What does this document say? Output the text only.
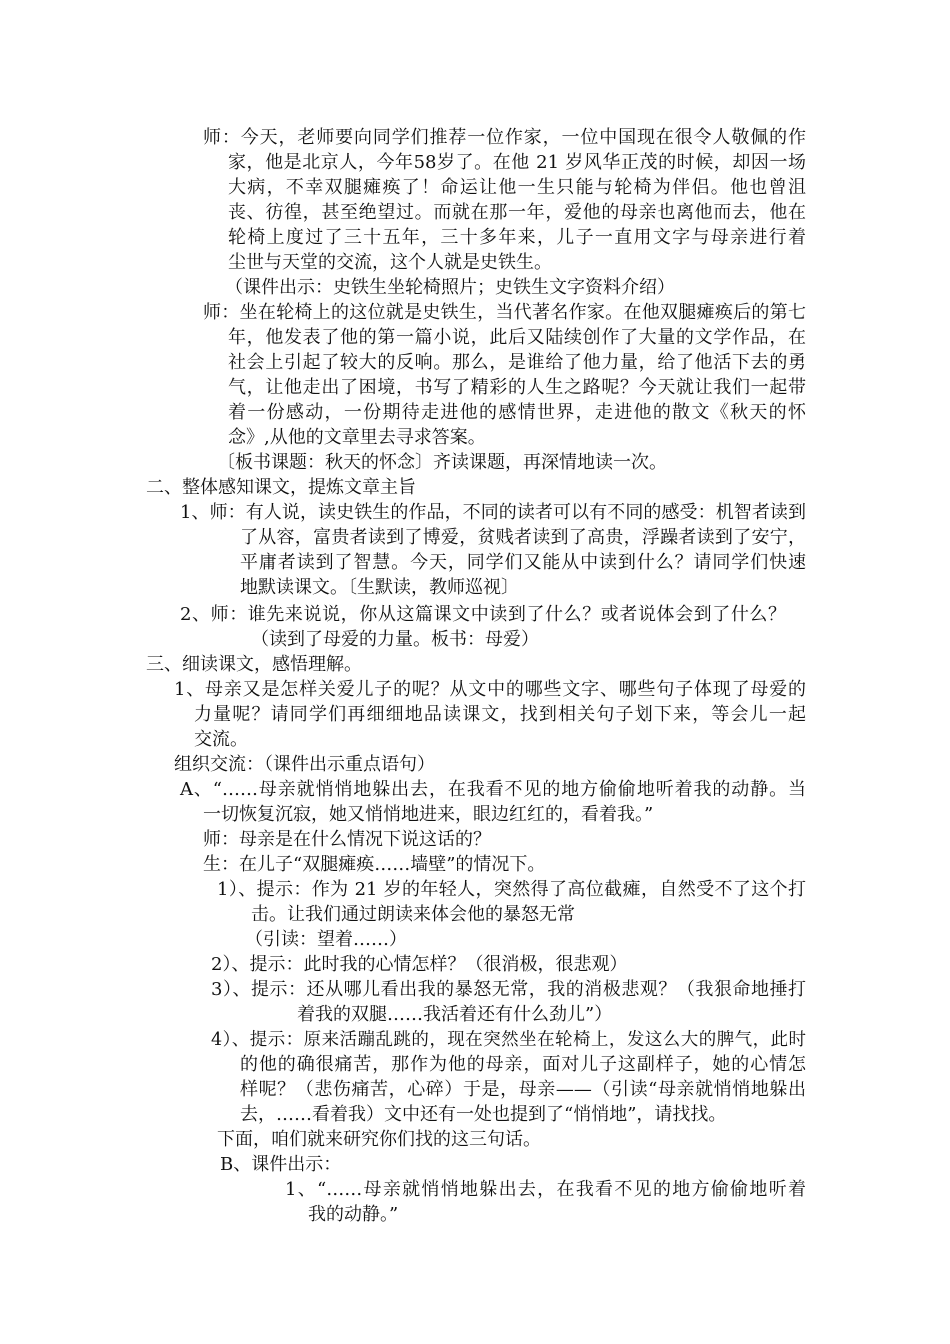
师：今天，老师要向同学们推荐一位作家，一位中国现在很令人敬佩的作

家，他是北京人，今年58岁了。在他 21 岁风华正茂的时候，却因一场

大病，不幸双腿瘫痪了！命运让他一生只能与轮椅为伴侣。他也曾沮

丧、彷徨，甚至绝望过。而就在那一年，爱他的母亲也离他而去，他在

轮椅上度过了三十五年，三十多年来，儿子一直用文字与母亲进行着

尘世与天堂的交流，这个人就是史铁生。

（课件出示：史铁生坐轮椅照片；史铁生文字资料介绍）

师：坐在轮椅上的这位就是史铁生，当代著名作家。在他双腿瘫痪后的第七

年，他发表了他的第一篇小说，此后又陆续创作了大量的文学作品，在

社会上引起了较大的反响。那么，是谁给了他力量，给了他活下去的勇

气，让他走出了困境，书写了精彩的人生之路呢？今天就让我们一起带

着一份感动，一份期待走进他的感情世界，走进他的散文《秋天的怀

念》,从他的文章里去寻求答案。

〔板书课题：秋天的怀念〕齐读课题，再深情地读一次。

二、整体感知课文，提炼文章主旨

1、师：有人说，读史铁生的作品，不同的读者可以有不同的感受：机智者读到

了从容，富贵者读到了博爱，贫贱者读到了高贵，浮躁者读到了安宁，

平庸者读到了智慧。今天，同学们又能从中读到什么？请同学们快速

地默读课文。〔生默读，教师巡视〕

2、师：谁先来说说，你从这篇课文中读到了什么？或者说体会到了什么？

（读到了母爱的力量。板书：母爱）

三、细读课文，感悟理解。

1、母亲又是怎样关爱儿子的呢？从文中的哪些文字、哪些句子体现了母爱的

力量呢？请同学们再细细地品读课文，找到相关句子划下来，等会儿一起

交流。

组织交流：（课件出示重点语句）

A、“……母亲就悄悄地躲出去，在我看不见的地方偷偷地听着我的动静。当

一切恢复沉寂，她又悄悄地进来，眼边红红的，看着我。”

师：母亲是在什么情况下说这话的？

生：在儿子“双腿瘫痪……墙壁”的情况下。

1）、提示：作为 21 岁的年轻人，突然得了高位截瘫，自然受不了这个打

击。让我们通过朗读来体会他的暴怒无常

（引读：望着……）

2）、提示：此时我的心情怎样？（很消极，很悲观）

3）、提示：还从哪儿看出我的暴怒无常，我的消极悲观？（我狠命地捶打

着我的双腿……我活着还有什么劲儿”）

4）、提示：原来活蹦乱跳的，现在突然坐在轮椅上，发这么大的脾气，此时

的他的确很痛苦，那作为他的母亲，面对儿子这副样子，她的心情怎

样呢？（悲伤痛苦，心碎）于是，母亲——（引读“母亲就悄悄地躲出

去，……看着我）文中还有一处也提到了“悄悄地”，请找找。

下面，咱们就来研究你们找的这三句话。

B、课件出示：

1、“……母亲就悄悄地躲出去，在我看不见的地方偷偷地听着

我的动静。”
